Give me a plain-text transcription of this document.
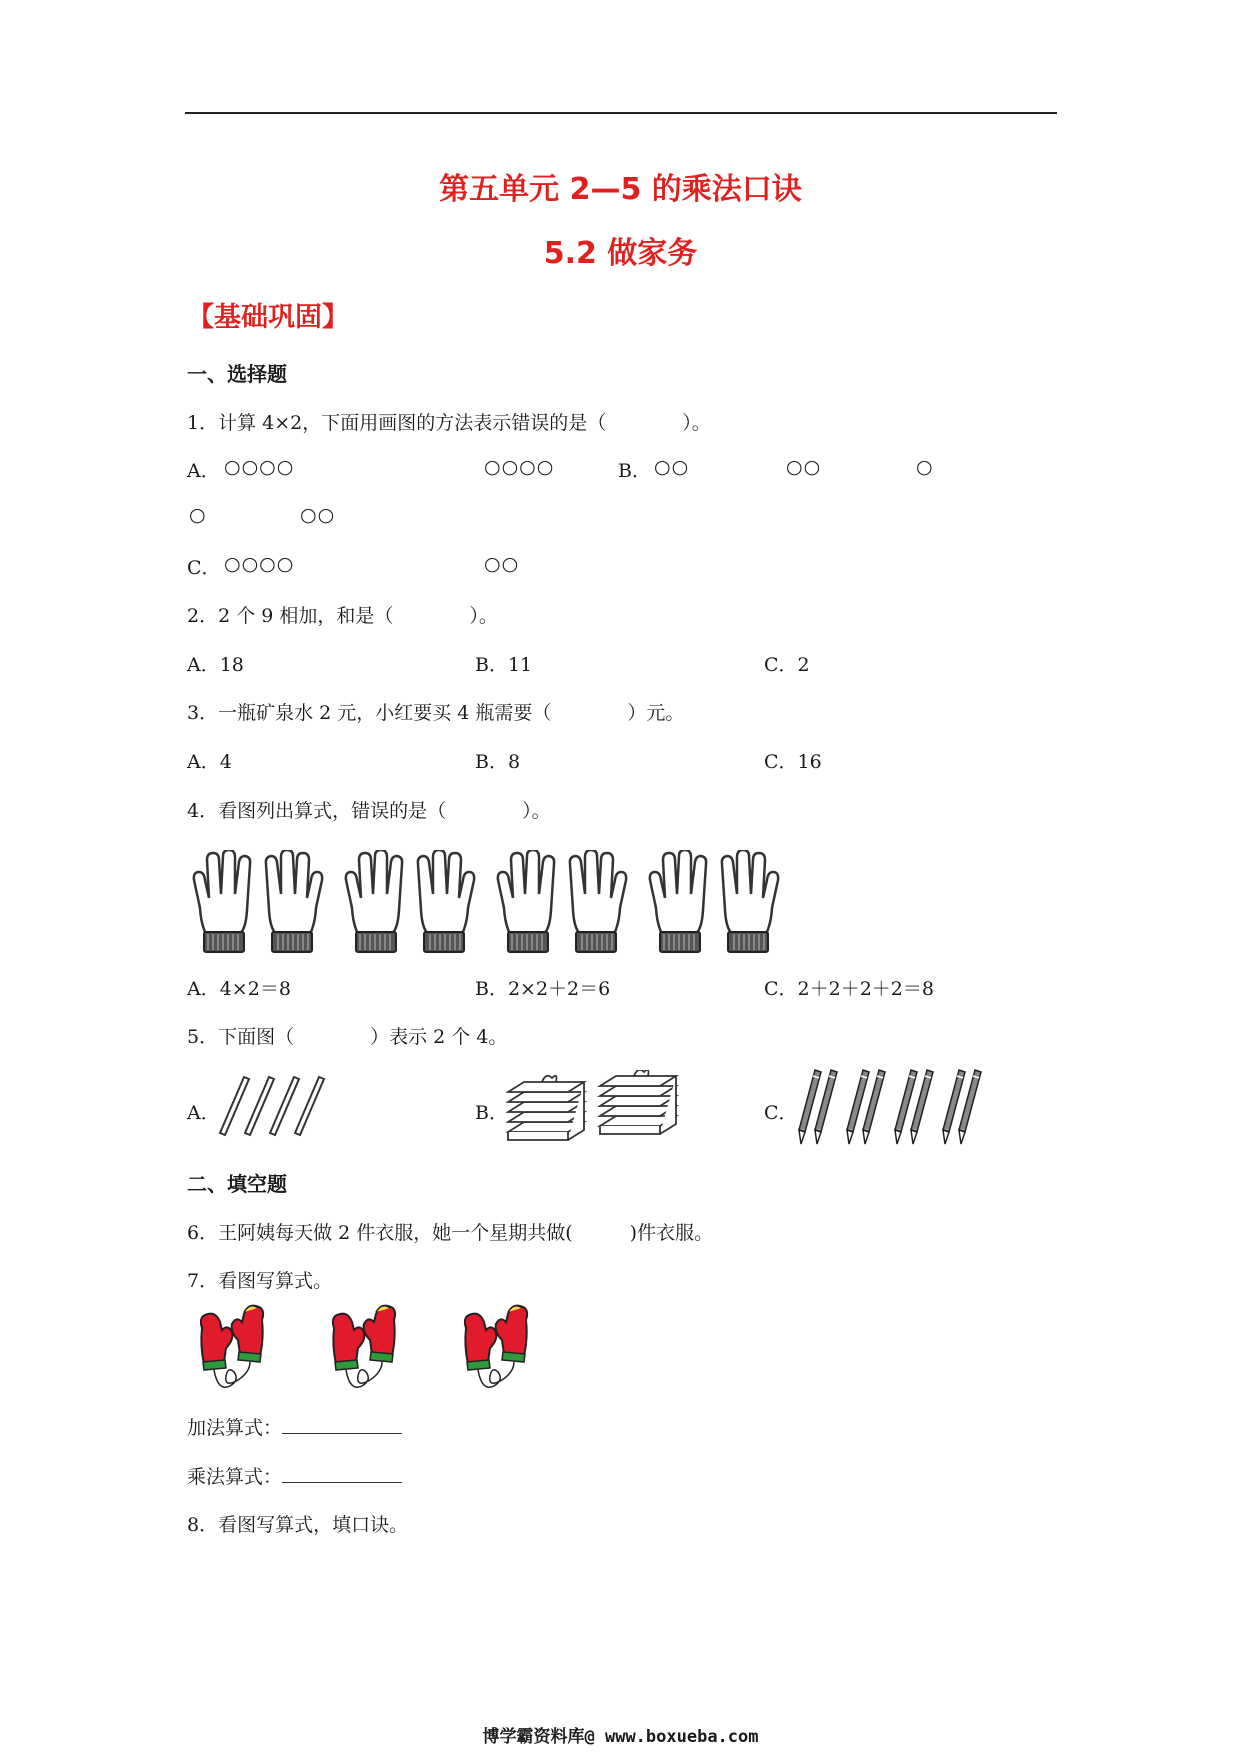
第五单元 2—5 的乘法口诀
5.2 做家务
【基础巩固】
一、选择题
1．计算 4×2，下面用画图的方法表示错误的是（　　　　）。
A． ○○○○	○○○○	B． ○○	○○	○
○	○○
C． ○○○○	○○
2．2 个 9 相加，和是（　　　　）。
A．18	B．11	C．2
3．一瓶矿泉水 2 元，小红要买 4 瓶需要（　　　　）元。
A．4	B．8	C．16
4．看图列出算式，错误的是（　　　　）。
A．4×2＝8	B．2×2＋2＝6	C．2＋2＋2＋2＝8
5．下面图（　　　　）表示 2 个 4。
A．	B．	C．
二、填空题
6．王阿姨每天做 2 件衣服，她一个星期共做(　　　)件衣服。
7．看图写算式。
加法算式：
乘法算式：
8．看图写算式，填口诀。
博学霸资料库@ www.boxueba.com
